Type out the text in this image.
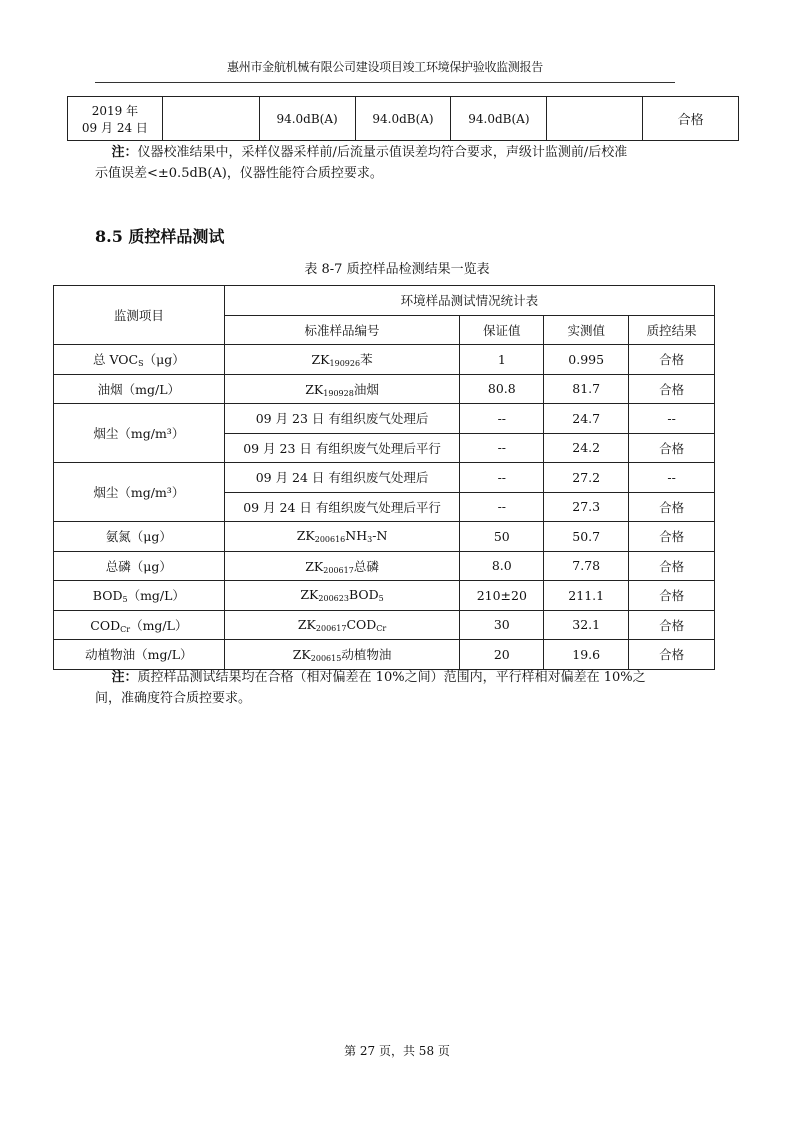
惠州市金航机械有限公司建设项目竣工环境保护验收监测报告
2019 年
09 月 24 日
		94.0dB(A)	94.0dB(A)	94.0dB(A)		合格
注：仪器校准结果中，采样仪器采样前/后流量示值误差均符合要求，声级计监测前/后校准
示值误差<±0.5dB(A)，仪器性能符合质控要求。
8.5 质控样品测试
表 8-7 质控样品检测结果一览表
监测项目	环境样品测试情况统计表			
	标准样品编号	保证值	实测值	质控结果
总 $VOC_S(\mu g)$	$ZK_{190926}$苯	1	0.995	合格
油烟（mg/L）	$ZK_{190928}$油烟	80.8	81.7	合格
烟尘（mg/m³）	09 月 23 日 有组织废气处理后	--	24.7	--
	09 月 23 日 有组织废气处理后平行	--	24.2	合格
烟尘（mg/m³）	09 月 24 日 有组织废气处理后	--	27.2	--
	09 月 24 日 有组织废气处理后平行	--	27.3	合格
氨氮（μg）	$ZK_{200616}NH_3-N$	50	50.7	合格
总磷（μg）	$ZK_{200617}$总磷	8.0	7.78	合格
$BOD_5(mg/L)$	$ZK_{200623}BOD_5$	210±20	211.1	合格
$COD_{Cr}(mg/L)$	$ZK_{200617}COD_{Cr}$	30	32.1	合格
动植物油（mg/L）	$ZK_{200615}$动植物油	20	19.6	合格
注：质控样品测试结果均在合格（相对偏差在 10%之间）范围内，平行样相对偏差在 10%之
间，准确度符合质控要求。
第 27 页，共 58 页
